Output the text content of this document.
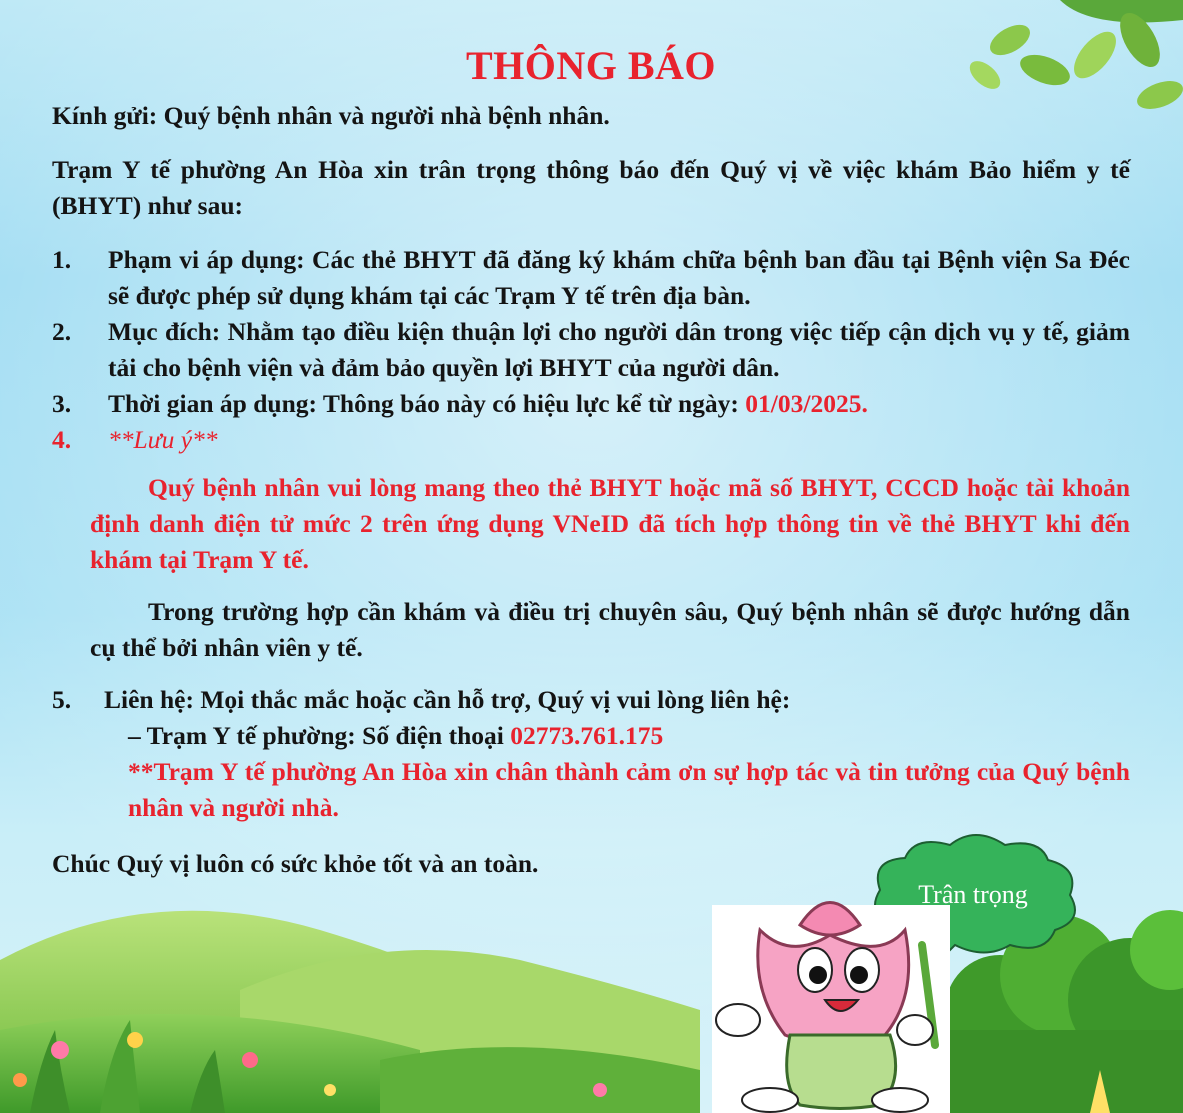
THÔNG BÁO

Kính gửi: Quý bệnh nhân và người nhà bệnh nhân.

Trạm Y tế phường An Hòa xin trân trọng thông báo đến Quý vị về việc khám Bảo hiểm y tế (BHYT) như sau:

1. Phạm vi áp dụng: Các thẻ BHYT đã đăng ký khám chữa bệnh ban đầu tại Bệnh viện Sa Đéc sẽ được phép sử dụng khám tại các Trạm Y tế trên địa bàn.
2. Mục đích: Nhằm tạo điều kiện thuận lợi cho người dân trong việc tiếp cận dịch vụ y tế, giảm tải cho bệnh viện và đảm bảo quyền lợi BHYT của người dân.
3. Thời gian áp dụng: Thông báo này có hiệu lực kể từ ngày: 01/03/2025.
4. **Lưu ý**

Quý bệnh nhân vui lòng mang theo thẻ BHYT hoặc mã số BHYT, CCCD hoặc tài khoản định danh điện tử mức 2 trên ứng dụng VNeID đã tích hợp thông tin về thẻ BHYT khi đến khám tại Trạm Y tế.

Trong trường hợp cần khám và điều trị chuyên sâu, Quý bệnh nhân sẽ được hướng dẫn cụ thể bởi nhân viên y tế.

5. Liên hệ: Mọi thắc mắc hoặc cần hỗ trợ, Quý vị vui lòng liên hệ:
– Trạm Y tế phường: Số điện thoại 02773.761.175

**Trạm Y tế phường An Hòa xin chân thành cảm ơn sự hợp tác và tin tưởng của Quý bệnh nhân và người nhà.

Chúc Quý vị luôn có sức khỏe tốt và an toàn.

Trân trọng
